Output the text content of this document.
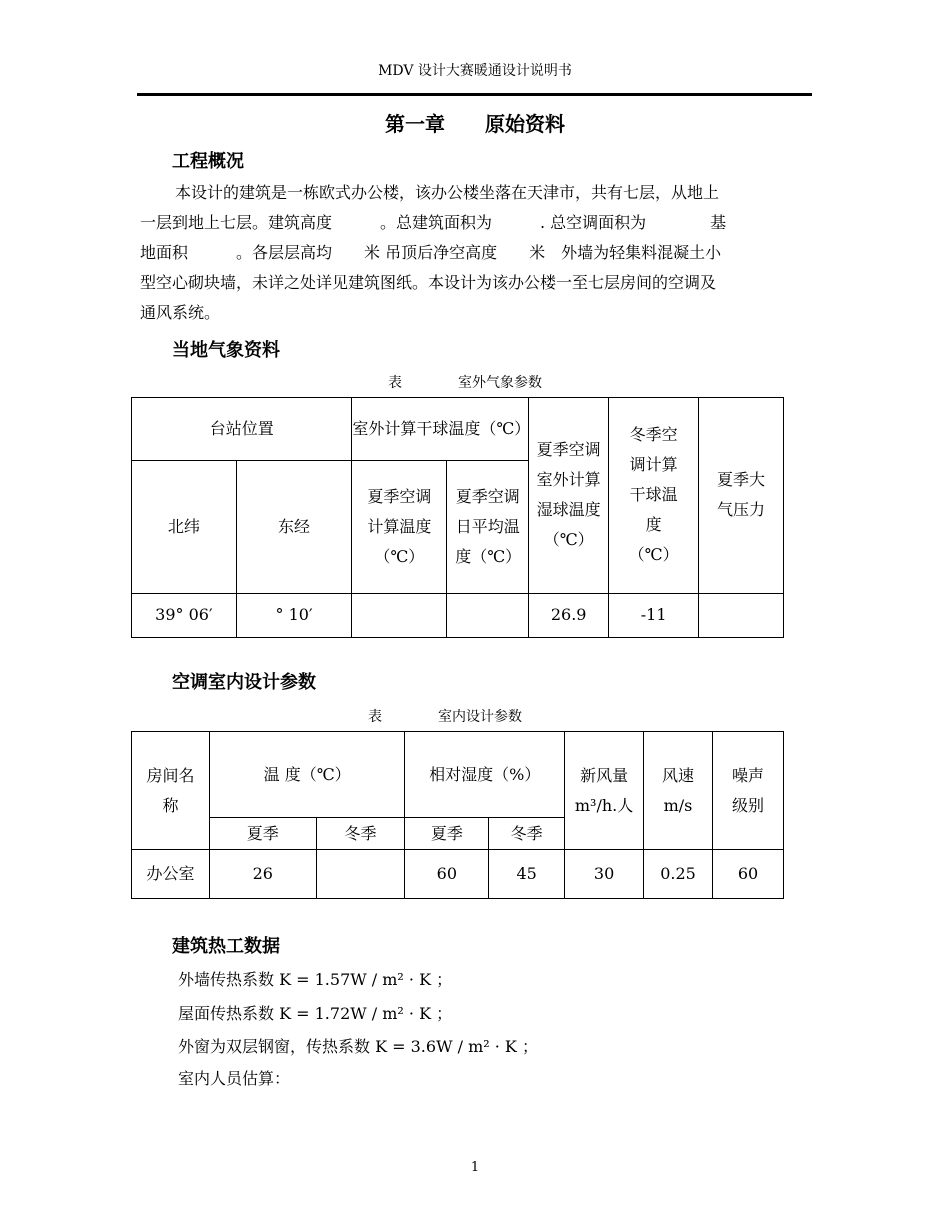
MDV 设计大赛暖通设计说明书
第一章 原始资料
工程概况
本设计的建筑是一栋欧式办公楼，该办公楼坐落在天津市，共有七层，从地上
一层到地上七层。建筑高度　　　。总建筑面积为　　　. 总空调面积为　　　　基
地面积　　　。各层层高均　　米 吊顶后净空高度　　米　外墙为轻集料混凝土小
型空心砌块墙，未详之处详见建筑图纸。本设计为该办公楼一至七层房间的空调及
通风系统。
当地气象资料
表　　　　室外气象参数
台站位置		室外计算干球温度（℃）		夏季空调室外计算湿球温度（℃）	冬季空调计算干球温度（℃）	夏季大气压力
北纬	东经	夏季空调计算温度（℃）	夏季空调日平均温度（℃）			
39° 06′	° 10′			26.9	-11	
空调室内设计参数
表　　　　室内设计参数
房间名称	温 度（℃）		相对湿度（%）		新风量m³/h.人	风速m/s	噪声级别
	夏季	冬季	夏季	冬季			
办公室	26		60	45	30	0.25	60
建筑热工数据
外墙传热系数 K = 1.57W / m² · K ；
屋面传热系数 K = 1.72W / m² · K ；
外窗为双层钢窗，传热系数 K = 3.6W / m² · K ；
室内人员估算：
1
